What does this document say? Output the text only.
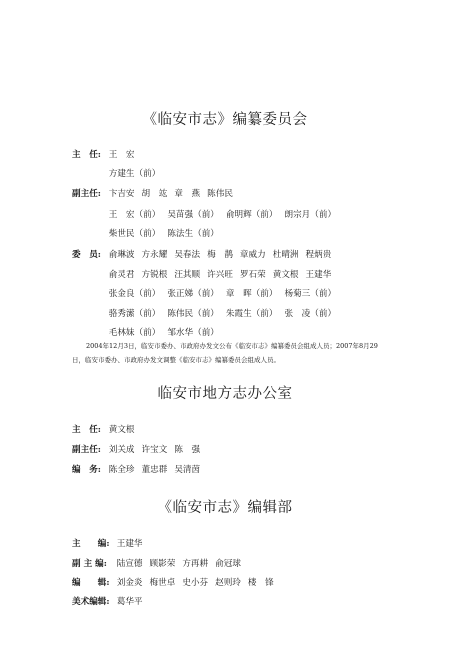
《临安市志》编纂委员会
主　任: 王　宏
方建生（前）
副主任: 卞吉安 胡　竑 章　燕 陈伟民
王　宏（前） 吴苗强（前） 俞明辉（前） 朗宗月（前）
柴世民（前） 陈法生（前）
委　员: 俞琳波 方永耀 吴春法 梅　鹊 章威力 杜晴洲 程炳贵
俞灵君 方锐根 汪其顺 许兴旺 罗石荣 黄文根 王建华
张金良（前） 张正娣（前） 章　晖（前） 杨菊三（前）
骆秀潆（前） 陈伟民（前） 朱霞生（前） 张　凌（前）
毛林妹（前） 邹水华（前）
2004年12月3日，临安市委办、市政府办发文公布《临安市志》编纂委员会组成人员；2007年8月29日，临安市委办、市政府办发文调整《临安市志》编纂委员会组成人员。
临安市地方志办公室
主　任: 黄文根
副主任: 刘关成 许宝文 陈　强
编　务: 陈全珍 董忠群 吴清茵
《临安市志》编辑部
主　　编: 王建华
副 主 编: 陆宣德 顾影荣 方再耕 俞冠球
编　　辑: 刘金炎 梅世卓 史小芬 赵则玲 楼　锋
美术编辑: 葛华平
